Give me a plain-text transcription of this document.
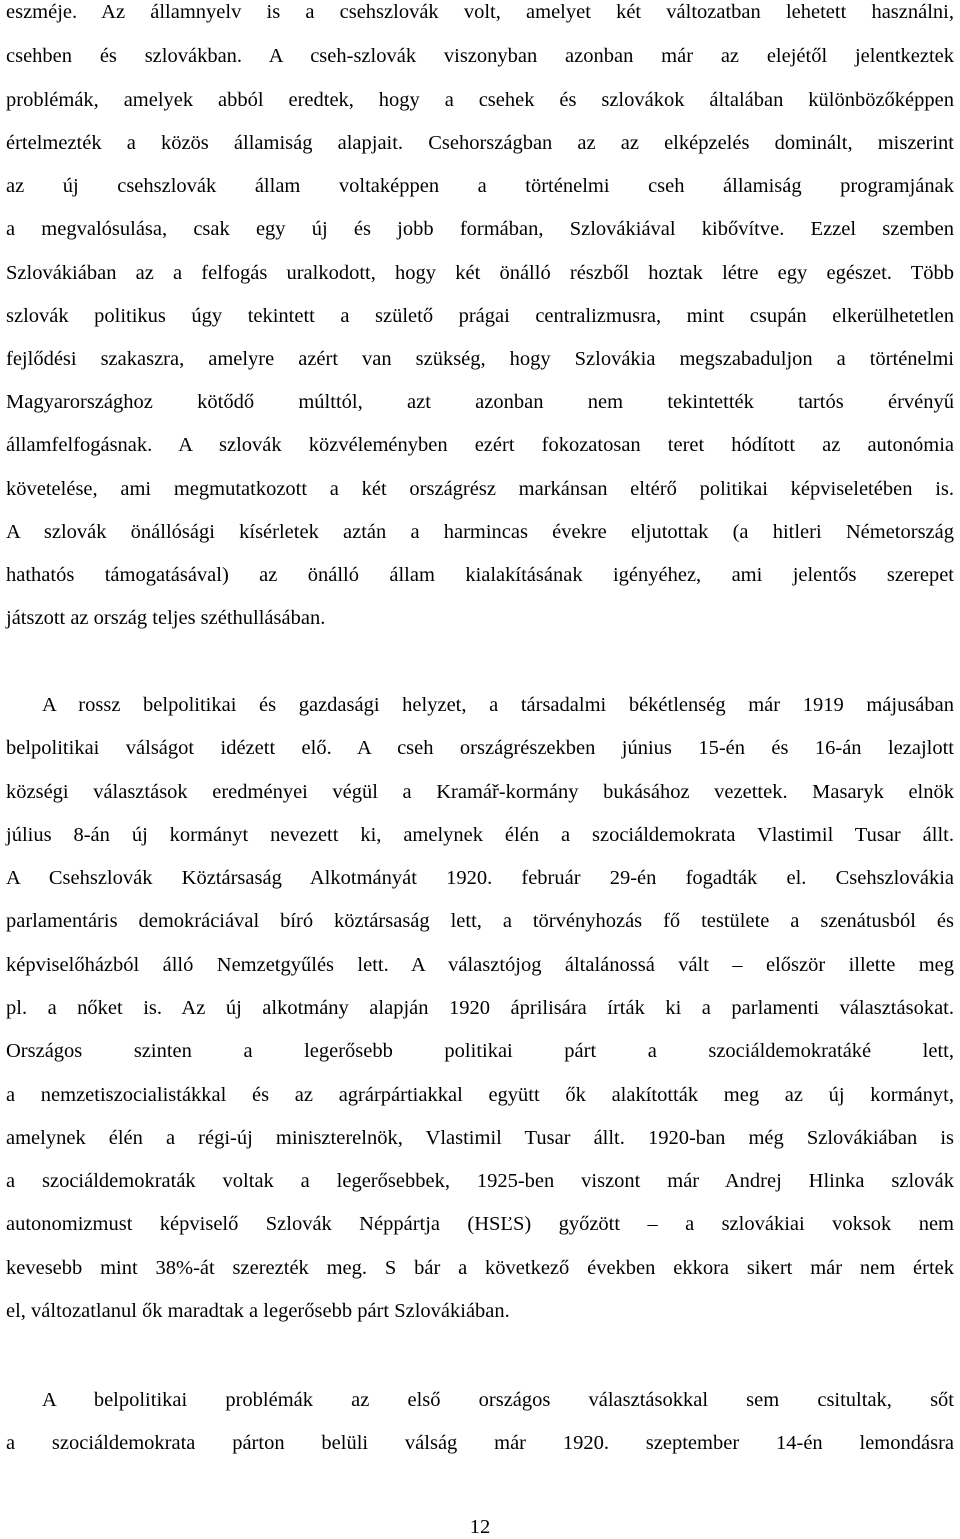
eszméje. Az államnyelv is a csehszlovák volt, amelyet két változatban lehetett használni,
csehben és szlovákban. A cseh-szlovák viszonyban azonban már az elejétől jelentkeztek
problémák, amelyek abból eredtek, hogy a csehek és szlovákok általában különbözőképpen
értelmezték a közös államiság alapjait. Csehországban az az elképzelés dominált, miszerint
az új csehszlovák állam voltaképpen a történelmi cseh államiság programjának
a megvalósulása, csak egy új és jobb formában, Szlovákiával kibővítve. Ezzel szemben
Szlovákiában az a felfogás uralkodott, hogy két önálló részből hoztak létre egy egészet. Több
szlovák politikus úgy tekintett a születő prágai centralizmusra, mint csupán elkerülhetetlen
fejlődési szakaszra, amelyre azért van szükség, hogy Szlovákia megszabaduljon a történelmi
Magyarországhoz kötődő múlttól, azt azonban nem tekintették tartós érvényű
államfelfogásnak. A szlovák közvéleményben ezért fokozatosan teret hódított az autonómia
követelése, ami megmutatkozott a két országrész markánsan eltérő politikai képviseletében is.
A szlovák önállósági kísérletek aztán a harmincas évekre eljutottak (a hitleri Németország
hathatós támogatásával) az önálló állam kialakításának igényéhez, ami jelentős szerepet
játszott az ország teljes széthullásában.
A rossz belpolitikai és gazdasági helyzet, a társadalmi békétlenség már 1919 májusában
belpolitikai válságot idézett elő. A cseh országrészekben június 15-én és 16-án lezajlott
községi választások eredményei végül a Kramář-kormány bukásához vezettek. Masaryk elnök
július 8-án új kormányt nevezett ki, amelynek élén a szociáldemokrata Vlastimil Tusar állt.
A Csehszlovák Köztársaság Alkotmányát 1920. február 29-én fogadták el. Csehszlovákia
parlamentáris demokráciával bíró köztársaság lett, a törvényhozás fő testülete a szenátusból és
képviselőházból álló Nemzetgyűlés lett. A választójog általánossá vált – először illette meg
pl. a nőket is. Az új alkotmány alapján 1920 áprilisára írták ki a parlamenti választásokat.
Országos szinten a legerősebb politikai párt a szociáldemokratáké lett,
a nemzetiszocialistákkal és az agrárpártiakkal együtt ők alakították meg az új kormányt,
amelynek élén a régi-új miniszterelnök, Vlastimil Tusar állt. 1920-ban még Szlovákiában is
a szociáldemokraták voltak a legerősebbek, 1925-ben viszont már Andrej Hlinka szlovák
autonomizmust képviselő Szlovák Néppártja (HSĽS) győzött – a szlovákiai voksok nem
kevesebb mint 38%-át szerezték meg. S bár a következő években ekkora sikert már nem értek
el, változatlanul ők maradtak a legerősebb párt Szlovákiában.
A belpolitikai problémák az első országos választásokkal sem csitultak, sőt
a szociáldemokrata párton belüli válság már 1920. szeptember 14-én lemondásra
12
